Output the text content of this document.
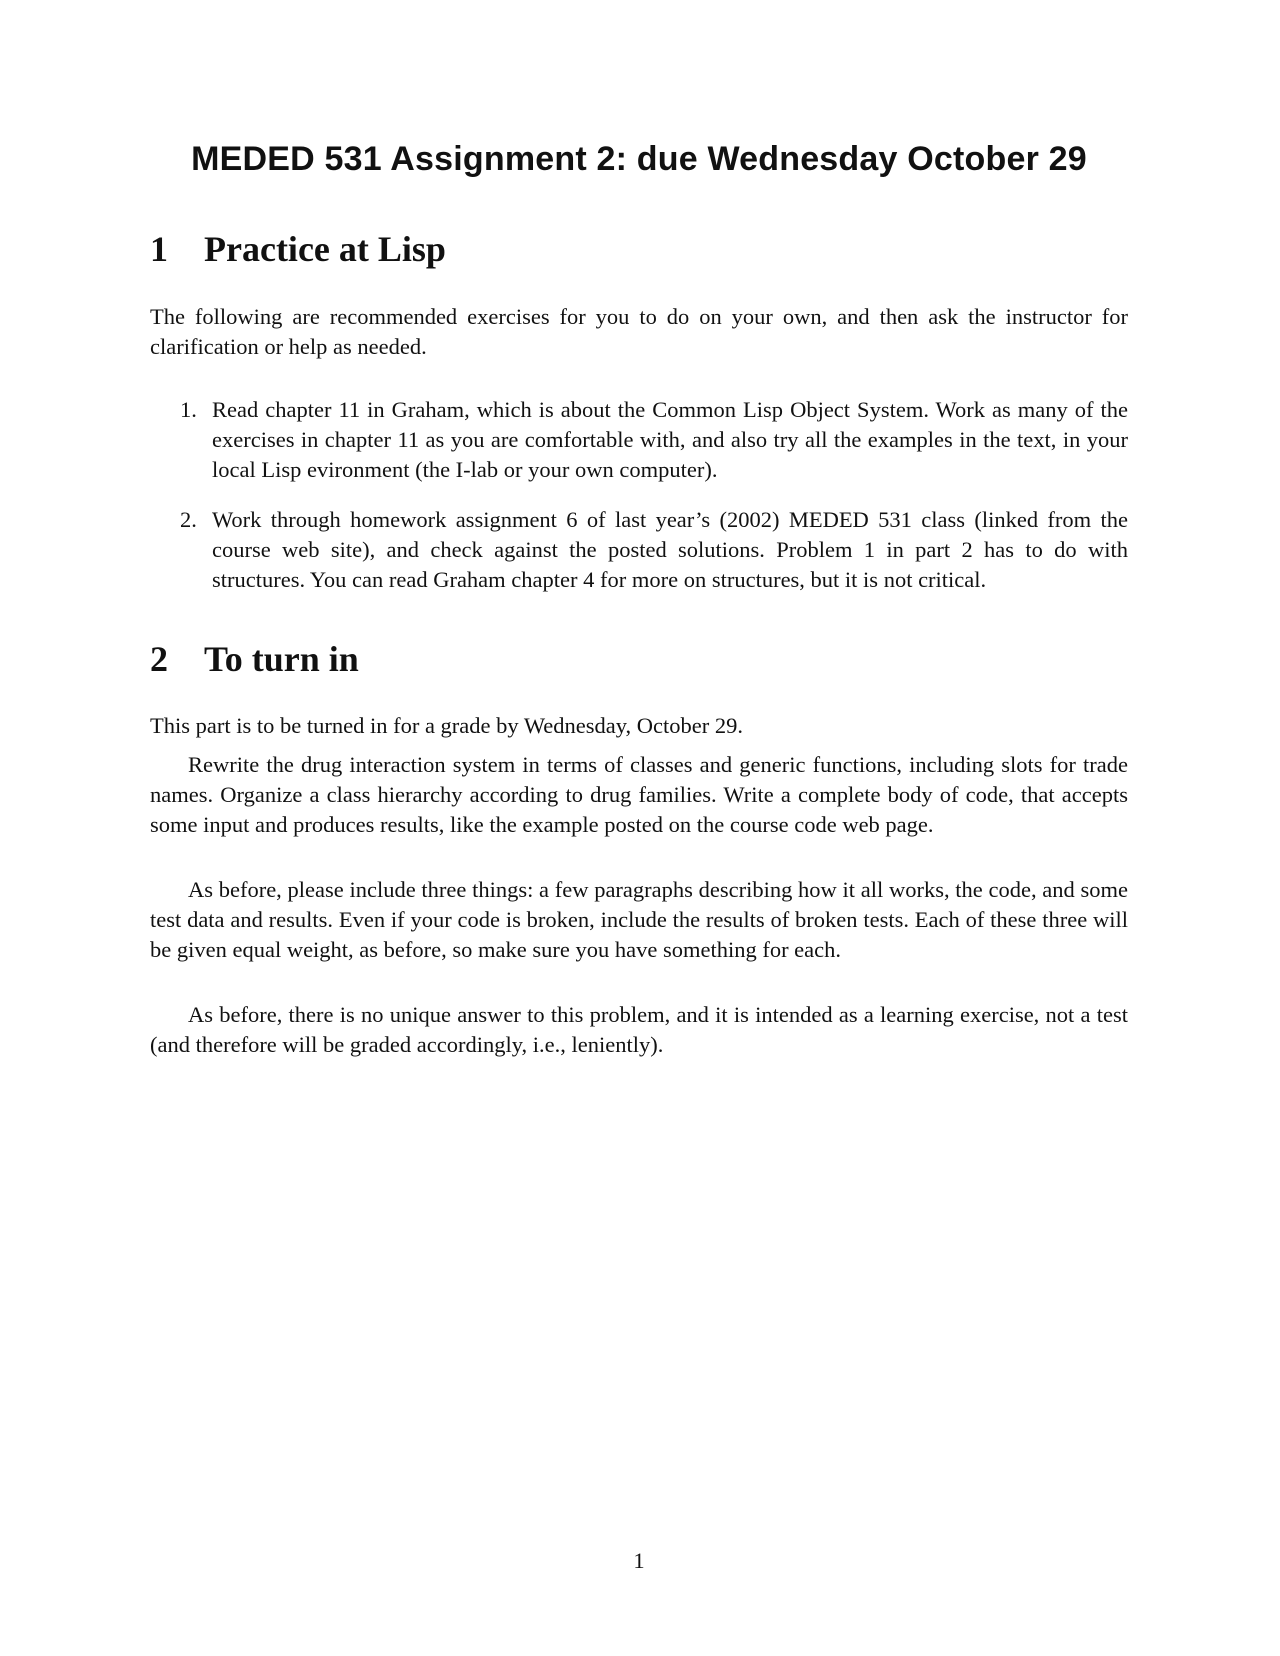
MEDED 531 Assignment 2: due Wednesday October 29
1 Practice at Lisp

The following are recommended exercises for you to do on your own, and then ask the instructor for clarification or help as needed.

1. Read chapter 11 in Graham, which is about the Common Lisp Object System. Work as many of the exercises in chapter 11 as you are comfortable with, and also try all the examples in the text, in your local Lisp evironment (the I-lab or your own computer).
2. Work through homework assignment 6 of last year’s (2002) MEDED 531 class (linked from the course web site), and check against the posted solutions. Problem 1 in part 2 has to do with structures. You can read Graham chapter 4 for more on structures, but it is not critical.
2 To turn in

This part is to be turned in for a grade by Wednesday, October 29.

Rewrite the drug interaction system in terms of classes and generic functions, including slots for trade names. Organize a class hierarchy according to drug families. Write a complete body of code, that accepts some input and produces results, like the example posted on the course code web page.

As before, please include three things: a few paragraphs describing how it all works, the code, and some test data and results. Even if your code is broken, include the results of broken tests. Each of these three will be given equal weight, as before, so make sure you have something for each.

As before, there is no unique answer to this problem, and it is intended as a learning exercise, not a test (and therefore will be graded accordingly, i.e., leniently).

1
